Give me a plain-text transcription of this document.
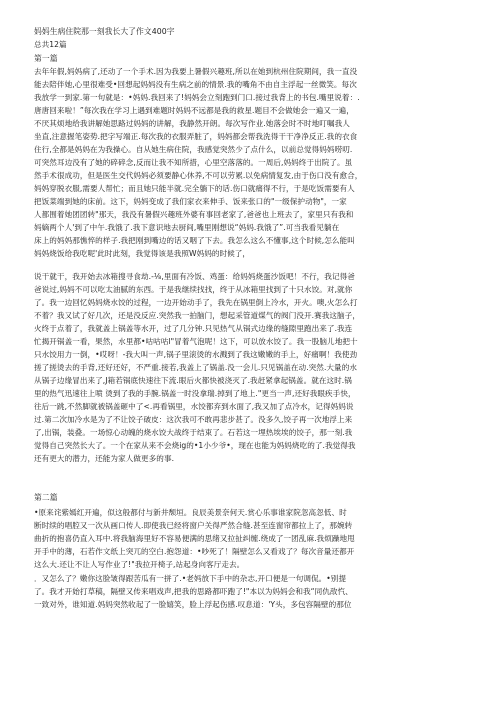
妈妈生病住院那一刻我长大了作文400字
总共12篇
第一篇
去年年假,妈妈病了,还动了一个手术.因为我要上暑假兴趣班,所以在她到杭州住院期间，我一直没
能去陪伴她,心里很难受•回想起妈妈没有生病之前的情景.我的嘴角不由自主浮起一丝微笑。每次
我放学一到家.第一句就是：•妈妈.我回来了!妈妈会立刻跑到门口.接过我背上的书包.嘴里说着：.
唐唐回来啦！”每次我在学习上遇到难题时妈妈不远都是我的救星.题目不会做她会一遍又一遍，
不厌其烦地给我讲解她思路过妈妈的讲解，我静然开朗。每次写作业.她落会时不时地叮嘱我人
坐直,注意握笔姿势.把字写端正.每次我的衣服弄脏了，妈妈都会帮我洗得干干净净反正.我的衣食
住行,全都是妈妈在为我操心。自从她生病住院，我感觉突然少了点什么，以前总觉得妈妈唠叨.
可突然耳边没有了她的碎碎念,反而让我不知所措，心里空落落的。一周后,妈妈终于出院了。虽
然手术很成功，但是医生交代妈妈必须要静心休养,不可以劳累.以免病情复发,由于伤口没有愈合，
妈妈穿脱衣服,需要人帮忙；而且她只能半就.完全躺下的话.伤口就痛得不行，于是吃饭需要有人
把饭菜端到她的床前。这下，妈妈变成了我们家衣来伸手、饭来张口的"一级保护动物"，一家
人都围着她团团转"那天，我没有暑假兴趣班外婆有事回老家了,爸爸也上班去了，家里只有我和
妈嫡两个人'到了中午.我饿了.我下意识地去厨间,嘴里刚想说“妈妈.我饿了”.可当我看见躺在
床上的妈妈那憔悴的样子.我把刚到嘴边的话又咽了下去。我怎么这么不懂事,这个时候,怎么能叫
妈妈烧饭给我吃呢'此时此刻，我觉得该是我照W妈妈的时候了，
说干就干，我开始去冰箱搜寻食劫.-⅛,里面有冷饭、鸡蛋：给妈妈烧蛋沙饭吧！不行，我记得爸
爸说过,妈妈不可以吃太油腻的东西。于是我继续找找，终于从冰箱里找到了十只水饺。对,就你
了。我一边回忆妈妈烧水饺的过程，一边开始动手了，我先在锅里倒上冷水，开火。噢,火怎么打
不着？我又试了好几次，还是没反应.突然我一拍脑门，想起采管道煤气的阀门没开.赛我这脑子，
火终于点着了，我就盖上锅盖等水开，过了几分钟.只见热气从锅式边缘的缝隙里跑出来了.我连
忙揭开锅盖一看，果然，水里都•咕咕咕l"冒着气泡呢！这下，可以放水饺了。我一股脑儿地把十
只水饺用力一倒，•哎呀！-我大叫一声,锅子里滚烫的水溅到了我这嫩嫩的手上，好痛啊！我使劲
搓了搓烫去的手背,还好还好，不严重.接若,我盖上了锅盖.没一会儿.只见锅盖在动.突然.大量的水
从锅子边缘冒出来了,J箱若锅底快速往下流.眼后火都快被浇灭了.我赶紧拿起锅盖。就在这时.锅
里的热气迅速往上喷 烫到了我的手腕.锅盖一时没拿瑞.掉到了地上."更当一声,还好我眼疾手快，
往后一跳,不然脚就被锅盖砸中了<.再看锅里，水饺都弃到水面了,我又加了点冷水，记得妈妈说
过.第二次加冷水是为了不让饺子破皮：这次我可不敢再悲步甚了。没多久,饺子再一次地浮上来
了,出锅，装叠。一场惊心动魄的烧水饺大战终于结束了。石若这一埋热埃埃的饺子，那一刻.我
觉得自己突然长大了。一个在家从来不会烧ig的•1小少爷•，现在也能为妈妈烧吃的了.我觉得我
还有更大的潜力，还能为家人做更多的事.
第二篇
•原来诧紫嫣红开遍，似这般都付与新井颓垣。良辰美景奈何天.赏心乐事谁家院忽高忽低、时
断时续的唱腔又一次从画口传人.即使我已经将窗户关得严然合缝.甚至连窗帘都拉上了，那婉转
曲折的抱喜仍直入耳中.将我脑海里好不容易便满的思绪又拉扯纠缠.绕成了一团乱麻.我烦躁地甩
开手中的薄，石若作文纸上突兀的空白.抱怨道：•吵死了！隔壁怎么又看戏了？每次音量还都开
这么大.还让不让人写作业了!"我拉开椅子,站起身向客厅走去。
．又怎么了？嫩你这脸皱得跟苦瓜有一拼了.•老妈放下手中的杂志,开口便是一句调侃。•别提
了。我才开始打草稿，隔壁又传来唱戏声,把我的思路都吓跑了!"本以为妈妈会和我“同仇敌忾、
一致对外，谁知道.妈妈突然收起了一脸嬉笑，脸上浮起伤感.叹息道：'Y头，多包容隔壁的那位
